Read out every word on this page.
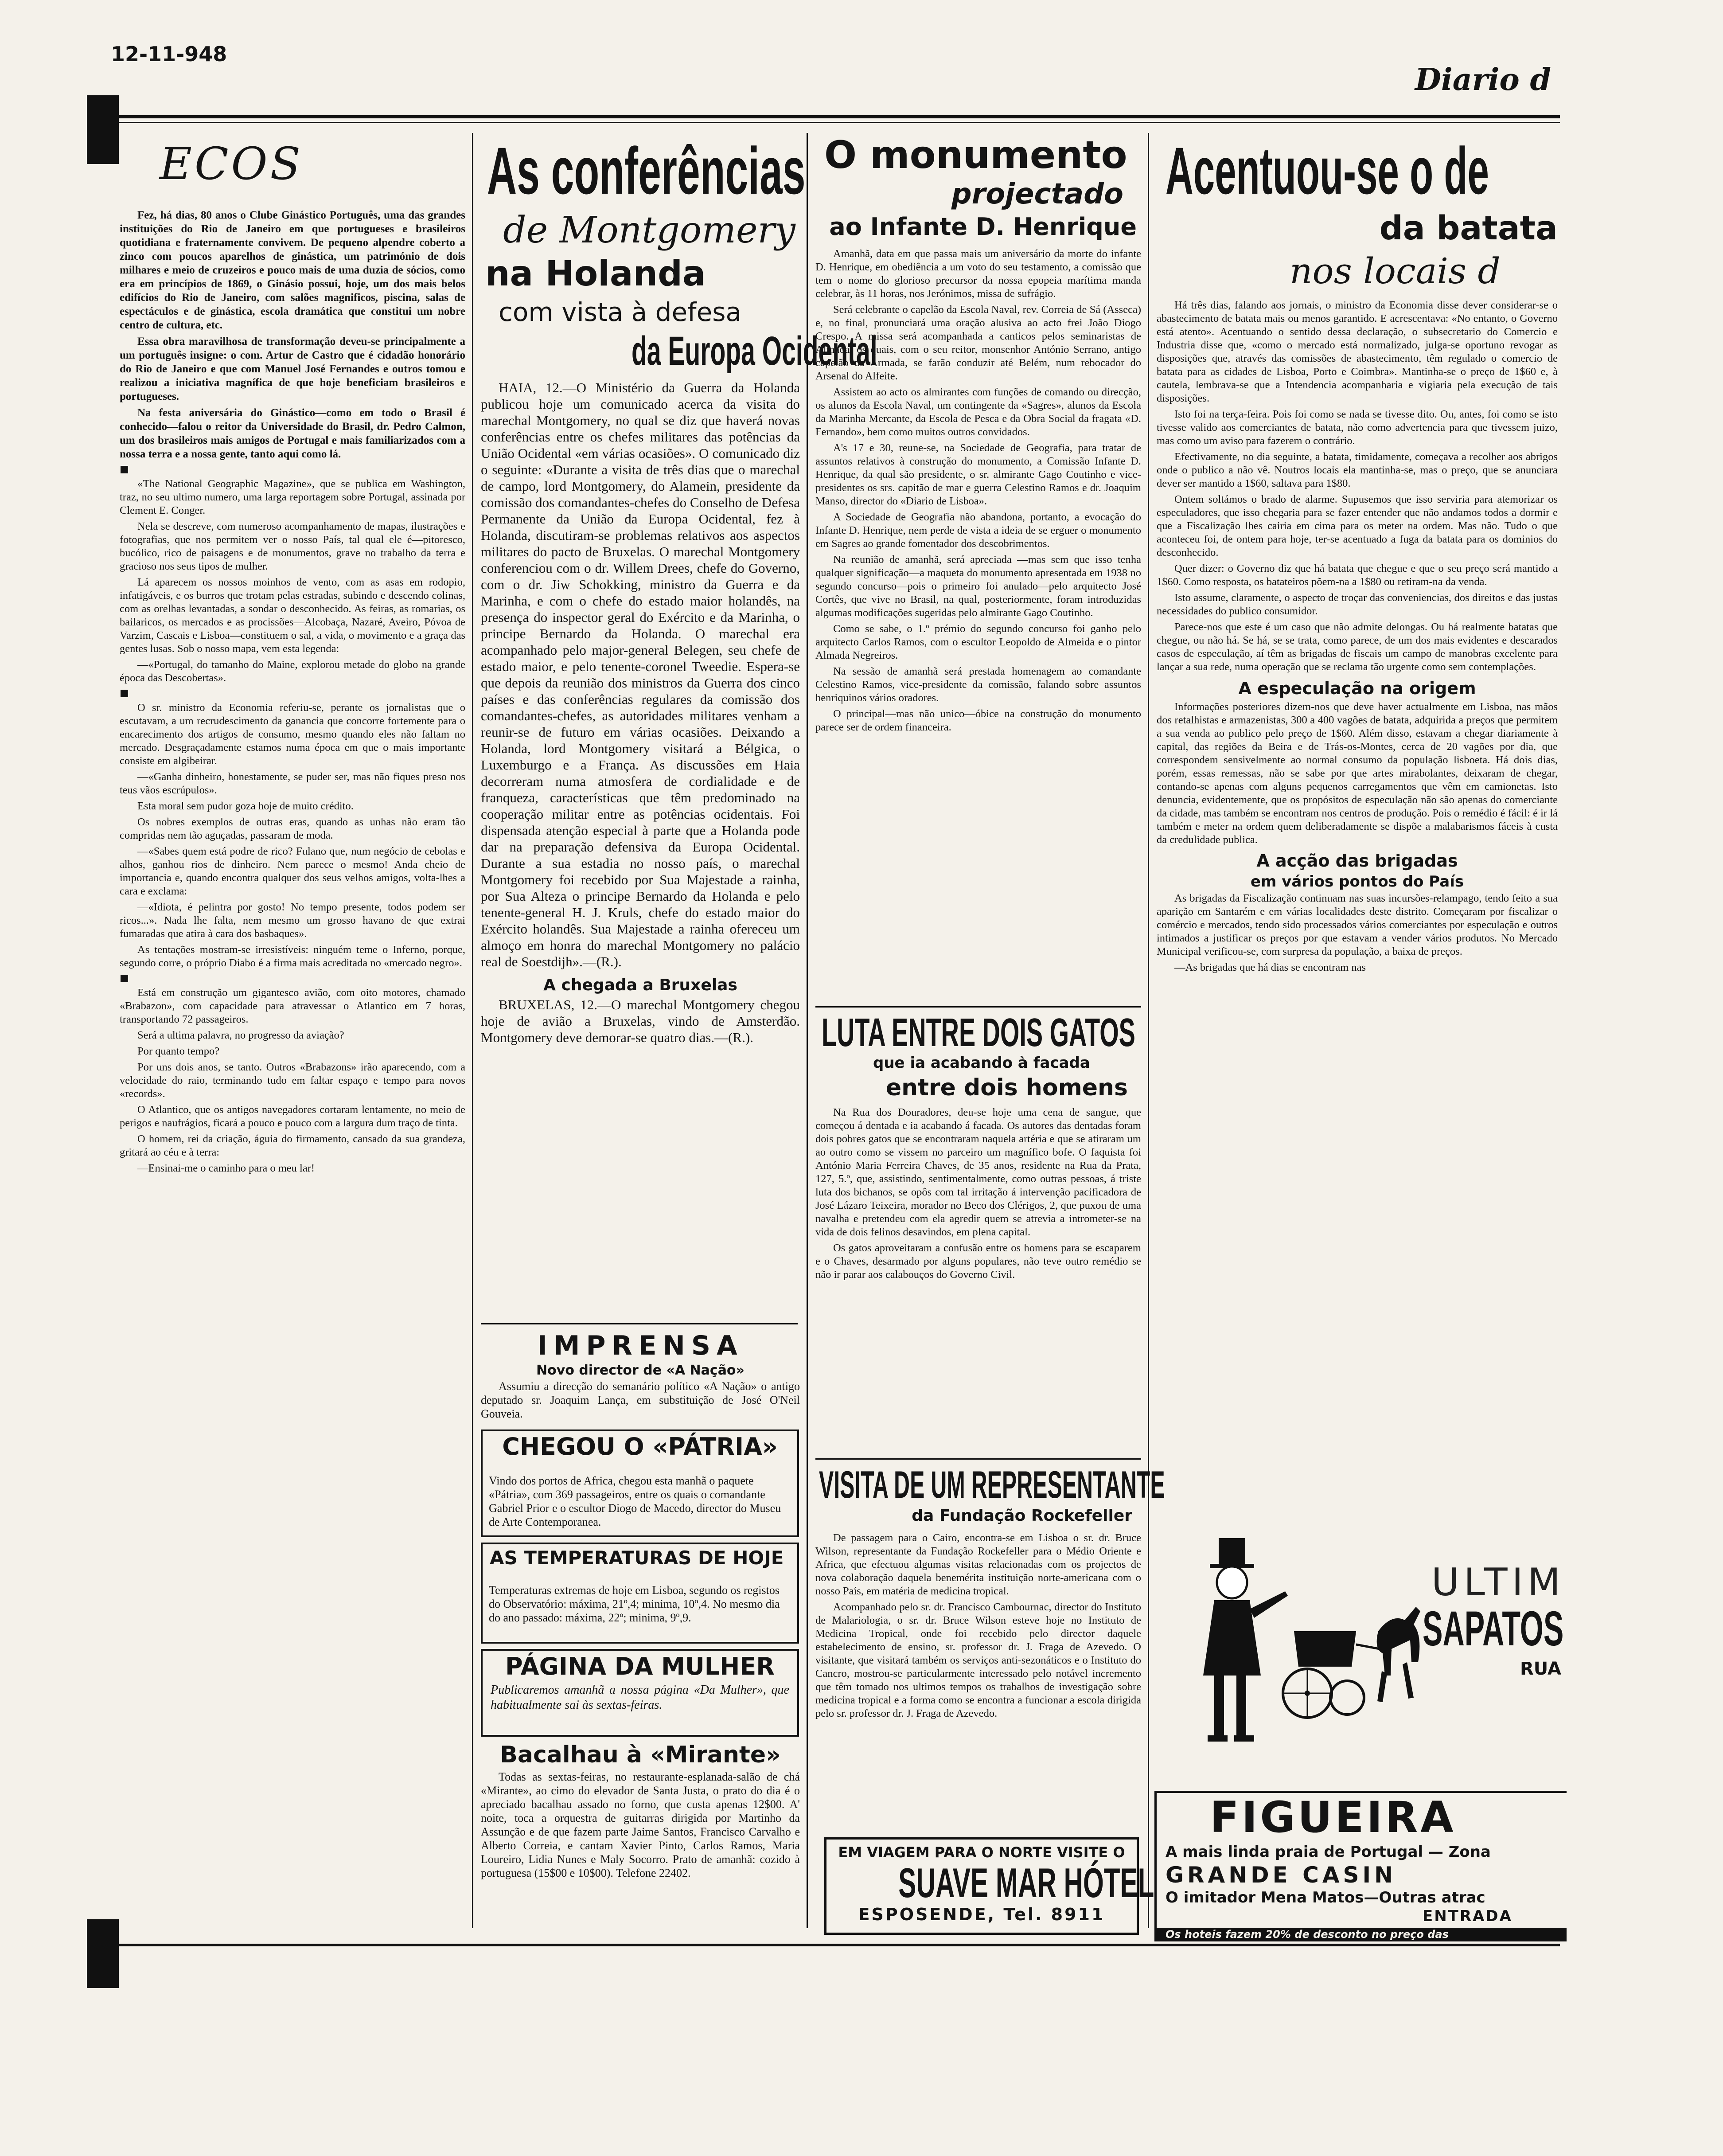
12-11-948
Diario d
ECOS

Fez, há dias, 80 anos o Clube Ginástico Português, uma das grandes instituições do Rio de Janeiro em que portugueses e brasileiros quotidiana e fraternamente convivem. De pequeno alpendre coberto a zinco com poucos aparelhos de ginástica, um património de dois milhares e meio de cruzeiros e pouco mais de uma duzia de sócios, como era em princípios de 1869, o Ginásio possui, hoje, um dos mais belos edifícios do Rio de Janeiro, com salões magnificos, piscina, salas de espectáculos e de ginástica, escola dramática que constitui um nobre centro de cultura, etc.

Essa obra maravilhosa de transformação deveu-se principalmente a um português insigne: o com. Artur de Castro que é cidadão honorário do Rio de Janeiro e que com Manuel José Fernandes e outros tomou e realizou a iniciativa magnífica de que hoje beneficiam brasileiros e portugueses.

Na festa aniversária do Ginástico—como em todo o Brasil é conhecido—falou o reitor da Universidade do Brasil, dr. Pedro Calmon, um dos brasileiros mais amigos de Portugal e mais familiarizados com a nossa terra e a nossa gente, tanto aqui como lá.

■

«The National Geographic Magazine», que se publica em Washington, traz, no seu ultimo numero, uma larga reportagem sobre Portugal, assinada por Clement E. Conger.

Nela se descreve, com numeroso acompanhamento de mapas, ilustrações e fotografias, que nos permitem ver o nosso País, tal qual ele é—pitoresco, bucólico, rico de paisagens e de monumentos, grave no trabalho da terra e gracioso nos seus tipos de mulher.

Lá aparecem os nossos moinhos de vento, com as asas em rodopio, infatigáveis, e os burros que trotam pelas estradas, subindo e descendo colinas, com as orelhas levantadas, a sondar o desconhecido. As feiras, as romarias, os bailaricos, os mercados e as procissões—Alcobaça, Nazaré, Aveiro, Póvoa de Varzim, Cascais e Lisboa—constituem o sal, a vida, o movimento e a graça das gentes lusas. Sob o nosso mapa, vem esta legenda:

—«Portugal, do tamanho do Maine, explorou metade do globo na grande época das Descobertas».

■

O sr. ministro da Economia referiu-se, perante os jornalistas que o escutavam, a um recrudescimento da ganancia que concorre fortemente para o encarecimento dos artigos de consumo, mesmo quando eles não faltam no mercado. Desgraçadamente estamos numa época em que o mais importante consiste em algibeirar.

—«Ganha dinheiro, honestamente, se puder ser, mas não fiques preso nos teus vãos escrúpulos».

Esta moral sem pudor goza hoje de muito crédito.

Os nobres exemplos de outras eras, quando as unhas não eram tão compridas nem tão aguçadas, passaram de moda.

—«Sabes quem está podre de rico? Fulano que, num negócio de cebolas e alhos, ganhou rios de dinheiro. Nem parece o mesmo! Anda cheio de importancia e, quando encontra qualquer dos seus velhos amigos, volta-lhes a cara e exclama:

—«Idiota, é pelintra por gosto! No tempo presente, todos podem ser ricos...». Nada lhe falta, nem mesmo um grosso havano de que extrai fumaradas que atira à cara dos basbaques».

As tentações mostram-se irresistíveis: ninguém teme o Inferno, porque, segundo corre, o próprio Diabo é a firma mais acreditada no «mercado negro».

■

Está em construção um gigantesco avião, com oito motores, chamado «Brabazon», com capacidade para atravessar o Atlantico em 7 horas, transportando 72 passageiros.

Será a ultima palavra, no progresso da aviação?

Por quanto tempo?

Por uns dois anos, se tanto. Outros «Brabazons» irão aparecendo, com a velocidade do raio, terminando tudo em faltar espaço e tempo para novos «records».

O Atlantico, que os antigos navegadores cortaram lentamente, no meio de perigos e naufrágios, ficará a pouco e pouco com a largura dum traço de tinta.

O homem, rei da criação, águia do firmamento, cansado da sua grandeza, gritará ao céu e à terra:

—Ensinai-me o caminho para o meu lar!

As conferências
de Montgomery
na Holanda
com vista à defesa
da Europa Ocidental

HAIA, 12.—O Ministério da Guerra da Holanda publicou hoje um comunicado acerca da visita do marechal Montgomery, no qual se diz que haverá novas conferências entre os chefes militares das potências da União Ocidental «em várias ocasiões». O comunicado diz o seguinte: «Durante a visita de três dias que o marechal de campo, lord Montgomery, do Alamein, presidente da comissão dos comandantes-chefes do Conselho de Defesa Permanente da União da Europa Ocidental, fez à Holanda, discutiram-se problemas relativos aos aspectos militares do pacto de Bruxelas. O marechal Montgomery conferenciou com o dr. Willem Drees, chefe do Governo, com o dr. Jiw Schokking, ministro da Guerra e da Marinha, e com o chefe do estado maior holandês, na presença do inspector geral do Exército e da Marinha, o principe Bernardo da Holanda. O marechal era acompanhado pelo major-general Belegen, seu chefe de estado maior, e pelo tenente-coronel Tweedie. Espera-se que depois da reunião dos ministros da Guerra dos cinco países e das conferências regulares da comissão dos comandantes-chefes, as autoridades militares venham a reunir-se de futuro em várias ocasiões. Deixando a Holanda, lord Montgomery visitará a Bélgica, o Luxemburgo e a França. As discussões em Haia decorreram numa atmosfera de cordialidade e de franqueza, características que têm predominado na cooperação militar entre as potências ocidentais. Foi dispensada atenção especial à parte que a Holanda pode dar na preparação defensiva da Europa Ocidental. Durante a sua estadia no nosso país, o marechal Montgomery foi recebido por Sua Majestade a rainha, por Sua Alteza o principe Bernardo da Holanda e pelo tenente-general H. J. Kruls, chefe do estado maior do Exército holandês. Sua Majestade a rainha ofereceu um almoço em honra do marechal Montgomery no palácio real de Soestdijh».—(R.).

A chegada a Bruxelas

BRUXELAS, 12.—O marechal Montgomery chegou hoje de avião a Bruxelas, vindo de Amsterdão. Montgomery deve demorar-se quatro dias.—(R.).

IMPRENSA
Novo director de «A Nação»

Assumiu a direcção do semanário político «A Nação» o antigo deputado sr. Joaquim Lança, em substituição de José O'Neil Gouveia.

CHEGOU O «PÁTRIA»

Vindo dos portos de Africa, chegou esta manhã o paquete «Pátria», com 369 passageiros, entre os quais o comandante Gabriel Prior e o escultor Diogo de Macedo, director do Museu de Arte Contemporanea.

AS TEMPERATURAS DE HOJE

Temperaturas extremas de hoje em Lisboa, segundo os registos do Observatório: máxima, 21º,4; minima, 10º,4. No mesmo dia do ano passado: máxima, 22º; minima, 9º,9.

PÁGINA DA MULHER
Publicaremos amanhã a nossa página «Da Mulher», que habitualmente sai às sextas-feiras.
Bacalhau à «Mirante»

Todas as sextas-feiras, no restaurante-esplanada-salão de chá «Mirante», ao cimo do elevador de Santa Justa, o prato do dia é o apreciado bacalhau assado no forno, que custa apenas 12$00. A' noite, toca a orquestra de guitarras dirigida por Martinho da Assunção e de que fazem parte Jaime Santos, Francisco Carvalho e Alberto Correia, e cantam Xavier Pinto, Carlos Ramos, Maria Loureiro, Lidia Nunes e Maly Socorro. Prato de amanhã: cozido à portuguesa (15$00 e 10$00). Telefone 22402.

O monumento
projectado
ao Infante D. Henrique

Amanhã, data em que passa mais um aniversário da morte do infante D. Henrique, em obediência a um voto do seu testamento, a comissão que tem o nome do glorioso precursor da nossa epopeia marítima manda celebrar, às 11 horas, nos Jerónimos, missa de sufrágio.

Será celebrante o capelão da Escola Naval, rev. Correia de Sá (Asseca) e, no final, pronunciará uma oração alusiva ao acto frei João Diogo Crespo. A missa será acompanhada a canticos pelos seminaristas de Almada, os quais, com o seu reitor, monsenhor António Serrano, antigo capelão da Armada, se farão conduzir até Belém, num rebocador do Arsenal do Alfeite.

Assistem ao acto os almirantes com funções de comando ou direcção, os alunos da Escola Naval, um contingente da «Sagres», alunos da Escola da Marinha Mercante, da Escola de Pesca e da Obra Social da fragata «D. Fernando», bem como muitos outros convidados.

A's 17 e 30, reune-se, na Sociedade de Geografia, para tratar de assuntos relativos à construção do monumento, a Comissão Infante D. Henrique, da qual são presidente, o sr. almirante Gago Coutinho e vice-presidentes os srs. capitão de mar e guerra Celestino Ramos e dr. Joaquim Manso, director do «Diario de Lisboa».

A Sociedade de Geografia não abandona, portanto, a evocação do Infante D. Henrique, nem perde de vista a ideia de se erguer o monumento em Sagres ao grande fomentador dos descobrimentos.

Na reunião de amanhã, será apreciada —mas sem que isso tenha qualquer significação—a maqueta do monumento apresentada em 1938 no segundo concurso—pois o primeiro foi anulado—pelo arquitecto José Cortês, que vive no Brasil, na qual, posteriormente, foram introduzidas algumas modificações sugeridas pelo almirante Gago Coutinho.

Como se sabe, o 1.º prémio do segundo concurso foi ganho pelo arquitecto Carlos Ramos, com o escultor Leopoldo de Almeida e o pintor Almada Negreiros.

Na sessão de amanhã será prestada homenagem ao comandante Celestino Ramos, vice-presidente da comissão, falando sobre assuntos henriquinos vários oradores.

O principal—mas não unico—óbice na construção do monumento parece ser de ordem financeira.

LUTA ENTRE DOIS GATOS
que ia acabando à facada
entre dois homens

Na Rua dos Douradores, deu-se hoje uma cena de sangue, que começou á dentada e ia acabando á facada. Os autores das dentadas foram dois pobres gatos que se encontraram naquela artéria e que se atiraram um ao outro como se vissem no parceiro um magnífico bofe. O faquista foi António Maria Ferreira Chaves, de 35 anos, residente na Rua da Prata, 127, 5.º, que, assistindo, sentimentalmente, como outras pessoas, á triste luta dos bichanos, se opôs com tal irritação á intervenção pacificadora de José Lázaro Teixeira, morador no Beco dos Clérigos, 2, que puxou de uma navalha e pretendeu com ela agredir quem se atrevia a intrometer-se na vida de dois felinos desavindos, em plena capital.

Os gatos aproveitaram a confusão entre os homens para se escaparem e o Chaves, desarmado por alguns populares, não teve outro remédio se não ir parar aos calabouços do Governo Civil.

VISITA DE UM REPRESENTANTE
da Fundação Rockefeller

De passagem para o Cairo, encontra-se em Lisboa o sr. dr. Bruce Wilson, representante da Fundação Rockefeller para o Médio Oriente e Africa, que efectuou algumas visitas relacionadas com os projectos de nova colaboração daquela benemérita instituição norte-americana com o nosso País, em matéria de medicina tropical.

Acompanhado pelo sr. dr. Francisco Cambournac, director do Instituto de Malariologia, o sr. dr. Bruce Wilson esteve hoje no Instituto de Medicina Tropical, onde foi recebido pelo director daquele estabelecimento de ensino, sr. professor dr. J. Fraga de Azevedo. O visitante, que visitará também os serviços anti-sezonáticos e o Instituto do Cancro, mostrou-se particularmente interessado pelo notável incremento que têm tomado nos ultimos tempos os trabalhos de investigação sobre medicina tropical e a forma como se encontra a funcionar a escola dirigida pelo sr. professor dr. J. Fraga de Azevedo.

EM VIAGEM PARA O NORTE VISITE O
SUAVE MAR HÓTEL
ESPOSENDE, Tel. 8911
Acentuou-se o de
da batata
nos locais d

Há três dias, falando aos jornais, o ministro da Economia disse dever considerar-se o abastecimento de batata mais ou menos garantido. E acrescentava: «No entanto, o Governo está atento». Acentuando o sentido dessa declaração, o subsecretario do Comercio e Industria disse que, «como o mercado está normalizado, julga-se oportuno revogar as disposições que, através das comissões de abastecimento, têm regulado o comercio de batata para as cidades de Lisboa, Porto e Coimbra». Mantinha-se o preço de 1$60 e, à cautela, lembrava-se que a Intendencia acompanharia e vigiaria pela execução de tais disposições.

Isto foi na terça-feira. Pois foi como se nada se tivesse dito. Ou, antes, foi como se isto tivesse valido aos comerciantes de batata, não como advertencia para que tivessem juizo, mas como um aviso para fazerem o contrário.

Efectivamente, no dia seguinte, a batata, timidamente, começava a recolher aos abrigos onde o publico a não vê. Noutros locais ela mantinha-se, mas o preço, que se anunciara dever ser mantido a 1$60, saltava para 1$80.

Ontem soltámos o brado de alarme. Supusemos que isso serviria para atemorizar os especuladores, que isso chegaria para se fazer entender que não andamos todos a dormir e que a Fiscalização lhes cairia em cima para os meter na ordem. Mas não. Tudo o que aconteceu foi, de ontem para hoje, ter-se acentuado a fuga da batata para os dominios do desconhecido.

Quer dizer: o Governo diz que há batata que chegue e que o seu preço será mantido a 1$60. Como resposta, os batateiros põem-na a 1$80 ou retiram-na da venda.

Isto assume, claramente, o aspecto de troçar das conveniencias, dos direitos e das justas necessidades do publico consumidor.

Parece-nos que este é um caso que não admite delongas. Ou há realmente batatas que chegue, ou não há. Se há, se se trata, como parece, de um dos mais evidentes e descarados casos de especulação, aí têm as brigadas de fiscais um campo de manobras excelente para lançar a sua rede, numa operação que se reclama tão urgente como sem contemplações.

A especulação na origem

Informações posteriores dizem-nos que deve haver actualmente em Lisboa, nas mãos dos retalhistas e armazenistas, 300 a 400 vagões de batata, adquirida a preços que permitem a sua venda ao publico pelo preço de 1$60. Além disso, estavam a chegar diariamente à capital, das regiões da Beira e de Trás-os-Montes, cerca de 20 vagões por dia, que correspondem sensivelmente ao normal consumo da população lisboeta. Há dois dias, porém, essas remessas, não se sabe por que artes mirabolantes, deixaram de chegar, contando-se apenas com alguns pequenos carregamentos que vêm em camionetas. Isto denuncia, evidentemente, que os propósitos de especulação não são apenas do comerciante da cidade, mas também se encontram nos centros de produção. Pois o remédio é fácil: é ir lá também e meter na ordem quem deliberadamente se dispõe a malabarismos fáceis à custa da credulidade publica.

A acção das brigadas
em vários pontos do País

As brigadas da Fiscalização continuam nas suas incursões-relampago, tendo feito a sua aparição em Santarém e em várias localidades deste distrito. Começaram por fiscalizar o comércio e mercados, tendo sido processados vários comerciantes por especulação e outros intimados a justificar os preços por que estavam a vender vários produtos. No Mercado Municipal verificou-se, com surpresa da população, a baixa de preços.

—As brigadas que há dias se encontram nas

ULTIM
SAPATOS
RUA
FIGUEIRA
A mais linda praia de Portugal — Zona
GRANDE CASIN
O imitador Mena Matos—Outras atrac
ENTRADA
Os hoteis fazem 20% de desconto no preço das
